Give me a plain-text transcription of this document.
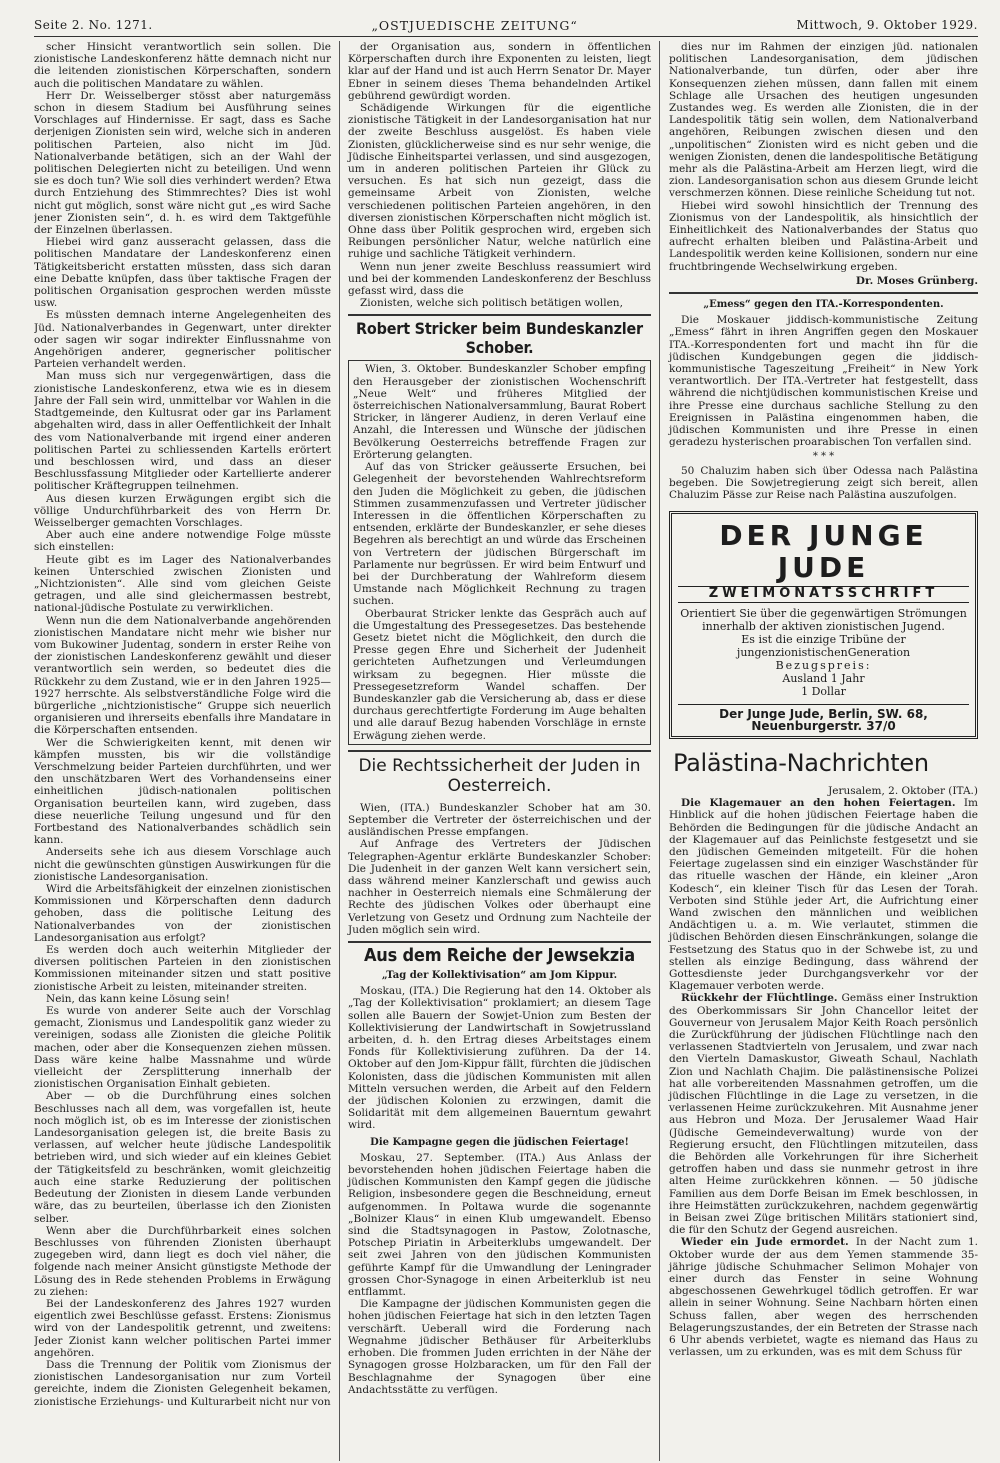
Seite 2. No. 1271.	„OSTJUEDISCHE ZEITUNG“	Mittwoch, 9. Oktober 1929.

scher Hinsicht verantwortlich sein sollen. Die zionistische Landeskonferenz hätte demnach nicht nur die leitenden zionistischen Körperschaften, sondern auch die politischen Mandatare zu wählen.

Herr Dr. Weisselberger stösst aber naturgemäss schon in diesem Stadium bei Ausführung seines Vorschlages auf Hindernisse. Er sagt, dass es Sache derjenigen Zionisten sein wird, welche sich in anderen politischen Parteien, also nicht im Jüd. Nationalverbande betätigen, sich an der Wahl der politischen Delegierten nicht zu beteiligen. Und wenn sie es doch tun? Wie soll dies verhindert werden? Etwa durch Entziehung des Stimmrechtes? Dies ist wohl nicht gut möglich, sonst wäre nicht gut „es wird Sache jener Zionisten sein“, d. h. es wird dem Taktgefühle der Einzelnen überlassen.

Hiebei wird ganz ausseracht gelassen, dass die politischen Mandatare der Landeskonferenz einen Tätigkeitsbericht erstatten müssten, dass sich daran eine Debatte knüpfen, dass über taktische Fragen der politischen Organisation gesprochen werden müsste usw.

Es müssten demnach interne Angelegenheiten des Jüd. Nationalverbandes in Gegenwart, unter direkter oder sagen wir sogar indirekter Einflussnahme von Angehörigen anderer, gegnerischer politischer Parteien verhandelt werden.

Man muss sich nur vergegenwärtigen, dass die zionistische Landeskonferenz, etwa wie es in diesem Jahre der Fall sein wird, unmittelbar vor Wahlen in die Stadtgemeinde, den Kultusrat oder gar ins Parlament abgehalten wird, dass in aller Oeffentlichkeit der Inhalt des vom Nationalverbande mit irgend einer anderen politischen Partei zu schliessenden Kartells erörtert und beschlossen wird, und dass an dieser Beschlussfassung Mitglieder oder Kartellierte anderer politischer Kräftegruppen teilnehmen.

Aus diesen kurzen Erwägungen ergibt sich die völlige Undurchführbarkeit des von Herrn Dr. Weisselberger gemachten Vorschlages.

Aber auch eine andere notwendige Folge müsste sich einstellen:

Heute gibt es im Lager des Nationalverbandes keinen Unterschied zwischen Zionisten und „Nichtzionisten“. Alle sind vom gleichen Geiste getragen, und alle sind gleichermassen bestrebt, national-jüdische Postulate zu verwirklichen.

Wenn nun die dem Nationalverbande angehörenden zionistischen Mandatare nicht mehr wie bisher nur vom Bukowiner Judentag, sondern in erster Reihe von der zionistischen Landeskonferenz gewählt und dieser verantwortlich sein werden, so bedeutet dies die Rückkehr zu dem Zustand, wie er in den Jahren 1925—1927 herrschte. Als selbstverständliche Folge wird die bürgerliche „nichtzionistische“ Gruppe sich neuerlich organisieren und ihrerseits ebenfalls ihre Mandatare in die Körperschaften entsenden.

Wer die Schwierigkeiten kennt, mit denen wir kämpfen mussten, bis wir die vollständige Verschmelzung beider Parteien durchführten, und wer den unschätzbaren Wert des Vorhandenseins einer einheitlichen jüdisch-nationalen politischen Organisation beurteilen kann, wird zugeben, dass diese neuerliche Teilung ungesund und für den Fortbestand des Nationalverbandes schädlich sein kann.

Anderseits sehe ich aus diesem Vorschlage auch nicht die gewünschten günstigen Auswirkungen für die zionistische Landesorganisation.

Wird die Arbeitsfähigkeit der einzelnen zionistischen Kommissionen und Körperschaften denn dadurch gehoben, dass die politische Leitung des Nationalverbandes von der zionistischen Landesorganisation aus erfolgt?

Es werden doch auch weiterhin Mitglieder der diversen politischen Parteien in den zionistischen Kommissionen miteinander sitzen und statt positive zionistische Arbeit zu leisten, miteinander streiten.

Nein, das kann keine Lösung sein!

Es wurde von anderer Seite auch der Vorschlag gemacht, Zionismus und Landespolitik ganz wieder zu vereinigen, sodass alle Zionisten die gleiche Politik machen, oder aber die Konsequenzen ziehen müssen. Dass wäre keine halbe Massnahme und würde vielleicht der Zersplitterung innerhalb der zionistischen Organisation Einhalt gebieten.

Aber — ob die Durchführung eines solchen Beschlusses nach all dem, was vorgefallen ist, heute noch möglich ist, ob es im Interesse der zionistischen Landesorganisation gelegen ist, die breite Basis zu verlassen, auf welcher heute jüdische Landespolitik betrieben wird, und sich wieder auf ein kleines Gebiet der Tätigkeitsfeld zu beschränken, womit gleichzeitig auch eine starke Reduzierung der politischen Bedeutung der Zionisten in diesem Lande verbunden wäre, das zu beurteilen, überlasse ich den Zionisten selber.

Wenn aber die Durchführbarkeit eines solchen Beschlusses von führenden Zionisten überhaupt zugegeben wird, dann liegt es doch viel näher, die folgende nach meiner Ansicht günstigste Methode der Lösung des in Rede stehenden Problems in Erwägung zu ziehen:

Bei der Landeskonferenz des Jahres 1927 wurden eigentlich zwei Beschlüsse gefasst. Erstens: Zionismus wird von der Landespolitik getrennt, und zweitens: Jeder Zionist kann welcher politischen Partei immer angehören.

Dass die Trennung der Politik vom Zionismus der zionistischen Landesorganisation nur zum Vorteil gereichte, indem die Zionisten Gelegenheit bekamen, zionistische Erziehungs- und Kulturarbeit nicht nur von

der Organisation aus, sondern in öffentlichen Körperschaften durch ihre Exponenten zu leisten, liegt klar auf der Hand und ist auch Herrn Senator Dr. Mayer Ebner in seinem dieses Thema behandelnden Artikel gebührend gewürdigt worden.

Schädigende Wirkungen für die eigentliche zionistische Tätigkeit in der Landesorganisation hat nur der zweite Beschluss ausgelöst. Es haben viele Zionisten, glücklicherweise sind es nur sehr wenige, die Jüdische Einheitspartei verlassen, und sind ausgezogen, um in anderen politischen Parteien ihr Glück zu versuchen. Es hat sich nun gezeigt, dass die gemeinsame Arbeit von Zionisten, welche verschiedenen politischen Parteien angehören, in den diversen zionistischen Körperschaften nicht möglich ist. Ohne dass über Politik gesprochen wird, ergeben sich Reibungen persönlicher Natur, welche natürlich eine ruhige und sachliche Tätigkeit verhindern.

Wenn nun jener zweite Beschluss reassumiert wird und bei der kommenden Landeskonferenz der Beschluss gefasst wird, dass die

Zionisten, welche sich politisch betätigen wollen,

Robert Stricker beim Bundeskanzler Schober.

Wien, 3. Oktober. Bundeskanzler Schober empfing den Herausgeber der zionistischen Wochenschrift „Neue Welt“ und früheres Mitglied der österreichischen Nationalversammlung, Baurat Robert Stricker, in längerer Audienz, in deren Verlauf eine Anzahl, die Interessen und Wünsche der jüdischen Bevölkerung Oesterreichs betreffende Fragen zur Erörterung gelangten.

Auf das von Stricker geäusserte Ersuchen, bei Gelegenheit der bevorstehenden Wahlrechtsreform den Juden die Möglichkeit zu geben, die jüdischen Stimmen zusammenzufassen und Vertreter jüdischer Interessen in die öffentlichen Körperschaften zu entsenden, erklärte der Bundeskanzler, er sehe dieses Begehren als berechtigt an und würde das Erscheinen von Vertretern der jüdischen Bürgerschaft im Parlamente nur begrüssen. Er wird beim Entwurf und bei der Durchberatung der Wahlreform diesem Umstande nach Möglichkeit Rechnung zu tragen suchen.

Oberbaurat Stricker lenkte das Gespräch auch auf die Umgestaltung des Pressegesetzes. Das bestehende Gesetz bietet nicht die Möglichkeit, den durch die Presse gegen Ehre und Sicherheit der Judenheit gerichteten Aufhetzungen und Verleumdungen wirksam zu begegnen. Hier müsste die Pressegesetzreform Wandel schaffen. Der Bundeskanzler gab die Versicherung ab, dass er diese durchaus gerechtfertigte Forderung im Auge behalten und alle darauf Bezug habenden Vorschläge in ernste Erwägung ziehen werde.

Die Rechtssicherheit der Juden in Oesterreich.

Wien, (ITA.) Bundeskanzler Schober hat am 30. September die Vertreter der österreichischen und der ausländischen Presse empfangen.

Auf Anfrage des Vertreters der Jüdischen Telegraphen-Agentur erklärte Bundeskanzler Schober: Die Judenheit in der ganzen Welt kann versichert sein, dass während meiner Kanzlerschaft und gewiss auch nachher in Oesterreich niemals eine Schmälerung der Rechte des jüdischen Volkes oder überhaupt eine Verletzung von Gesetz und Ordnung zum Nachteile der Juden möglich sein wird.

Aus dem Reiche der Jewsekzia
„Tag der Kollektivisation“ am Jom Kippur.

Moskau, (ITA.) Die Regierung hat den 14. Oktober als „Tag der Kollektivisation“ proklamiert; an diesem Tage sollen alle Bauern der Sowjet-Union zum Besten der Kollektivisierung der Landwirtschaft in Sowjetrussland arbeiten, d. h. den Ertrag dieses Arbeitstages einem Fonds für Kollektivisierung zuführen. Da der 14. Oktober auf den Jom-Kippur fällt, fürchten die jüdischen Kolonisten, dass die jüdischen Kommunisten mit allen Mitteln versuchen werden, die Arbeit auf den Feldern der jüdischen Kolonien zu erzwingen, damit die Solidarität mit dem allgemeinen Bauerntum gewahrt wird.

Die Kampagne gegen die jüdischen Feiertage!

Moskau, 27. September. (ITA.) Aus Anlass der bevorstehenden hohen jüdischen Feiertage haben die jüdischen Kommunisten den Kampf gegen die jüdische Religion, insbesondere gegen die Beschneidung, erneut aufgenommen. In Poltawa wurde die sogenannte „Bolnizer Klaus“ in einen Klub umgewandelt. Ebenso sind die Stadtsynagogen in Pastow, Zolotnasche, Potschep Piriatin in Arbeiterklubs umgewandelt. Der seit zwei Jahren von den jüdischen Kommunisten geführte Kampf für die Umwandlung der Leningrader grossen Chor-Synagoge in einen Arbeiterklub ist neu entflammt.

Die Kampagne der jüdischen Kommunisten gegen die hohen jüdischen Feiertage hat sich in den letzten Tagen verschärft. Ueberall wird die Forderung nach Wegnahme jüdischer Bethäuser für Arbeiterklubs erhoben. Die frommen Juden errichten in der Nähe der Synagogen grosse Holzbaracken, um für den Fall der Beschlagnahme der Synagogen über eine Andachtsstätte zu verfügen.

dies nur im Rahmen der einzigen jüd. nationalen politischen Landesorganisation, dem jüdischen Nationalverbande, tun dürfen, oder aber ihre Konsequenzen ziehen müssen, dann fallen mit einem Schlage alle Ursachen des heutigen ungesunden Zustandes weg. Es werden alle Zionisten, die in der Landespolitik tätig sein wollen, dem Nationalverband angehören, Reibungen zwischen diesen und den „unpolitischen“ Zionisten wird es nicht geben und die wenigen Zionisten, denen die landespolitische Betätigung mehr als die Palästina-Arbeit am Herzen liegt, wird die zion. Landesorganisation schon aus diesem Grunde leicht verschmerzen können. Diese reinliche Scheidung tut not.

Hiebei wird sowohl hinsichtlich der Trennung des Zionismus von der Landespolitik, als hinsichtlich der Einheitlichkeit des Nationalverbandes der Status quo aufrecht erhalten bleiben und Palästina-Arbeit und Landespolitik werden keine Kollisionen, sondern nur eine fruchtbringende Wechselwirkung ergeben.

Dr. Moses Grünberg.
„Emess“ gegen den ITA.-Korrespondenten.

Die Moskauer jiddisch-kommunistische Zeitung „Emess“ fährt in ihren Angriffen gegen den Moskauer ITA.-Korrespondenten fort und macht ihn für die jüdischen Kundgebungen gegen die jiddisch-kommunistische Tageszeitung „Freiheit“ in New York verantwortlich. Der ITA.-Vertreter hat festgestellt, dass während die nichtjüdischen kommunistischen Kreise und ihre Presse eine durchaus sachliche Stellung zu den Ereignissen in Palästina eingenommen haben, die jüdischen Kommunisten und ihre Presse in einen geradezu hysterischen proarabischen Ton verfallen sind.

* * *

50 Chaluzim haben sich über Odessa nach Palästina begeben. Die Sowjetregierung zeigt sich bereit, allen Chaluzim Pässe zur Reise nach Palästina auszufolgen.

DER JUNGE JUDE
ZWEIMONATSSCHRIFT

Orientiert Sie über die gegenwärtigen Strömungen innerhalb der aktiven zionistischen Jugend.

Es ist die einzige Tribüne der jungenzionistischenGeneration

Bezugspreis:

Ausland 1 Jahr

1 Dollar

Der Junge Jude, Berlin, SW. 68, Neuenburgerstr. 37/0
Palästina-Nachrichten
Jerusalem, 2. Oktober (ITA.)

Die Klagemauer an den hohen Feiertagen. Im Hinblick auf die hohen jüdischen Feiertage haben die Behörden die Bedingungen für die jüdische Andacht an der Klagemauer auf das Peinlichste festgesetzt und sie den jüdischen Gemeinden mitgeteilt. Für die hohen Feiertage zugelassen sind ein einziger Waschständer für das rituelle waschen der Hände, ein kleiner „Aron Kodesch“, ein kleiner Tisch für das Lesen der Torah. Verboten sind Stühle jeder Art, die Aufrichtung einer Wand zwischen den männlichen und weiblichen Andächtigen u. a. m. Wie verlautet, stimmen die jüdischen Behörden diesen Einschränkungen, solange die Festsetzung des Status quo in der Schwebe ist, zu und stellen als einzige Bedingung, dass während der Gottesdienste jeder Durchgangsverkehr vor der Klagemauer verboten werde.

Rückkehr der Flüchtlinge. Gemäss einer Instruktion des Oberkommissars Sir John Chancellor leitet der Gouverneur von Jerusalem Major Keith Roach persönlich die Zurückführung der jüdischen Flüchtlinge nach den verlassenen Stadtvierteln von Jerusalem, und zwar nach den Vierteln Damaskustor, Giweath Schaul, Nachlath Zion und Nachlath Chajim. Die palästinensische Polizei hat alle vorbereitenden Massnahmen getroffen, um die jüdischen Flüchtlinge in die Lage zu versetzen, in die verlassenen Heime zurückzukehren. Mit Ausnahme jener aus Hebron und Moza. Der Jerusalemer Waad Hair (Jüdische Gemeindeverwaltung) wurde von der Regierung ersucht, den Flüchtlingen mitzuteilen, dass die Behörden alle Vorkehrungen für ihre Sicherheit getroffen haben und dass sie nunmehr getrost in ihre alten Heime zurückkehren können. — 50 jüdische Familien aus dem Dorfe Beisan im Emek beschlossen, in ihre Heimstätten zurückzukehren, nachdem gegenwärtig in Beisan zwei Züge britischen Militärs stationiert sind, die für den Schutz der Gegend ausreichen.

Wieder ein Jude ermordet. In der Nacht zum 1. Oktober wurde der aus dem Yemen stammende 35-jährige jüdische Schuhmacher Selimon Mohajer von einer durch das Fenster in seine Wohnung abgeschossenen Gewehrkugel tödlich getroffen. Er war allein in seiner Wohnung. Seine Nachbarn hörten einen Schuss fallen, aber wegen des herrschenden Belagerungszustandes, der ein Betreten der Strasse nach 6 Uhr abends verbietet, wagte es niemand das Haus zu verlassen, um zu erkunden, was es mit dem Schuss für
